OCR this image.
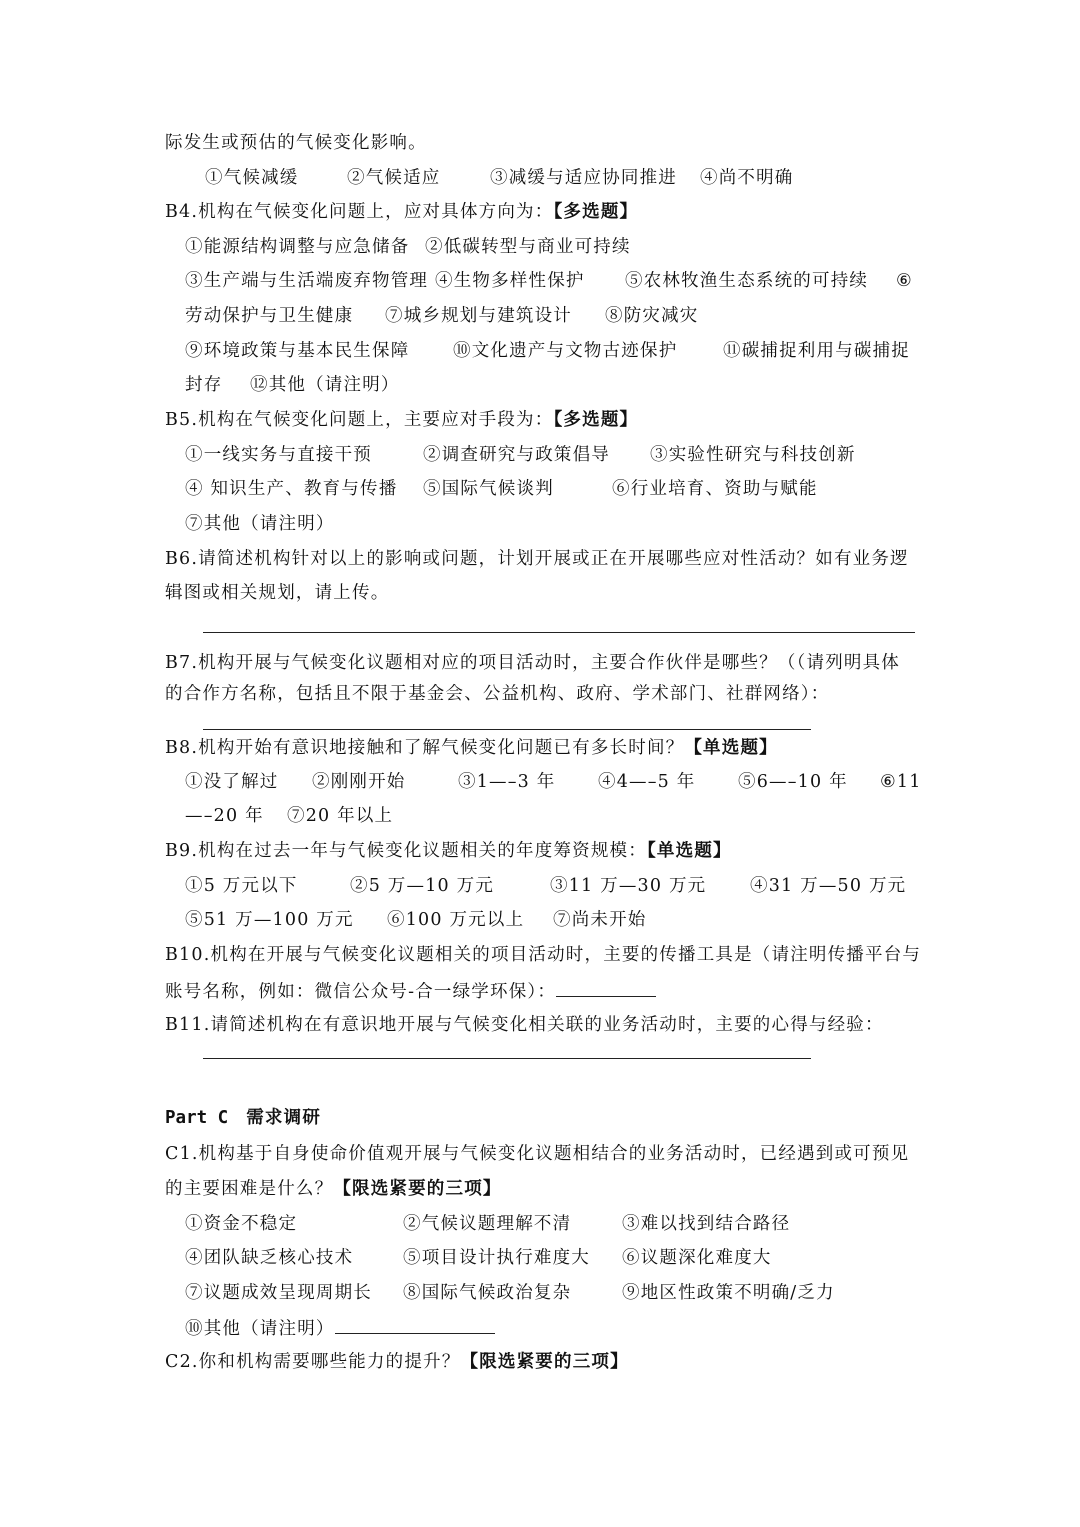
际发生或预估的气候变化影响。
①气候减缓	②气候适应	③减缓与适应协同推进 ④尚不明确
B4.机构在气候变化问题上，应对具体方向为：【多选题】
①能源结构调整与应急储备 ②低碳转型与商业可持续
③生产端与生活端废弃物管理 ④生物多样性保护 ⑤农林牧渔生态系统的可持续 ⑥
劳动保护与卫生健康 ⑦城乡规划与建筑设计 ⑧防灾减灾
⑨环境政策与基本民生保障 ⑩文化遗产与文物古迹保护	⑪碳捕捉利用与碳捕捉
封存 ⑫其他（请注明）
B5.机构在气候变化问题上，主要应对手段为：【多选题】
①一线实务与直接干预	②调查研究与政策倡导 ③实验性研究与科技创新
④ 知识生产、教育与传播 ⑤国际气候谈判	⑥行业培育、资助与赋能
⑦其他（请注明）
B6.请简述机构针对以上的影响或问题，计划开展或正在开展哪些应对性活动？如有业务逻
辑图或相关规划，请上传。
B7.机构开展与气候变化议题相对应的项目活动时，主要合作伙伴是哪些？（（请列明具体
的合作方名称，包括且不限于基金会、公益机构、政府、学术部门、社群网络）：
B8.机构开始有意识地接触和了解气候变化问题已有多长时间？【单选题】
①没了解过 ②刚刚开始	③1—–3 年 ④4—–5 年 ⑤6—–10 年 ⑥11
—–20 年 ⑦20 年以上
B9.机构在过去一年与气候变化议题相关的年度筹资规模：【单选题】
①5 万元以下	②5 万—10 万元	③11 万—30 万元 ④31 万—50 万元
⑤51 万—100 万元 ⑥100 万元以上 ⑦尚未开始
B10.机构在开展与气候变化议题相关的项目活动时，主要的传播工具是（请注明传播平台与
账号名称，例如：微信公众号-合一绿学环保）：
B11.请简述机构在有意识地开展与气候变化相关联的业务活动时，主要的心得与经验：
Part C 需求调研
C1.机构基于自身使命价值观开展与气候变化议题相结合的业务活动时，已经遇到或可预见
的主要困难是什么？【限选紧要的三项】
①资金不稳定	②气候议题理解不清	③难以找到结合路径
④团队缺乏核心技术	⑤项目设计执行难度大 ⑥议题深化难度大
⑦议题成效呈现周期长 ⑧国际气候政治复杂	⑨地区性政策不明确/乏力
⑩其他（请注明）
C2.你和机构需要哪些能力的提升？【限选紧要的三项】
